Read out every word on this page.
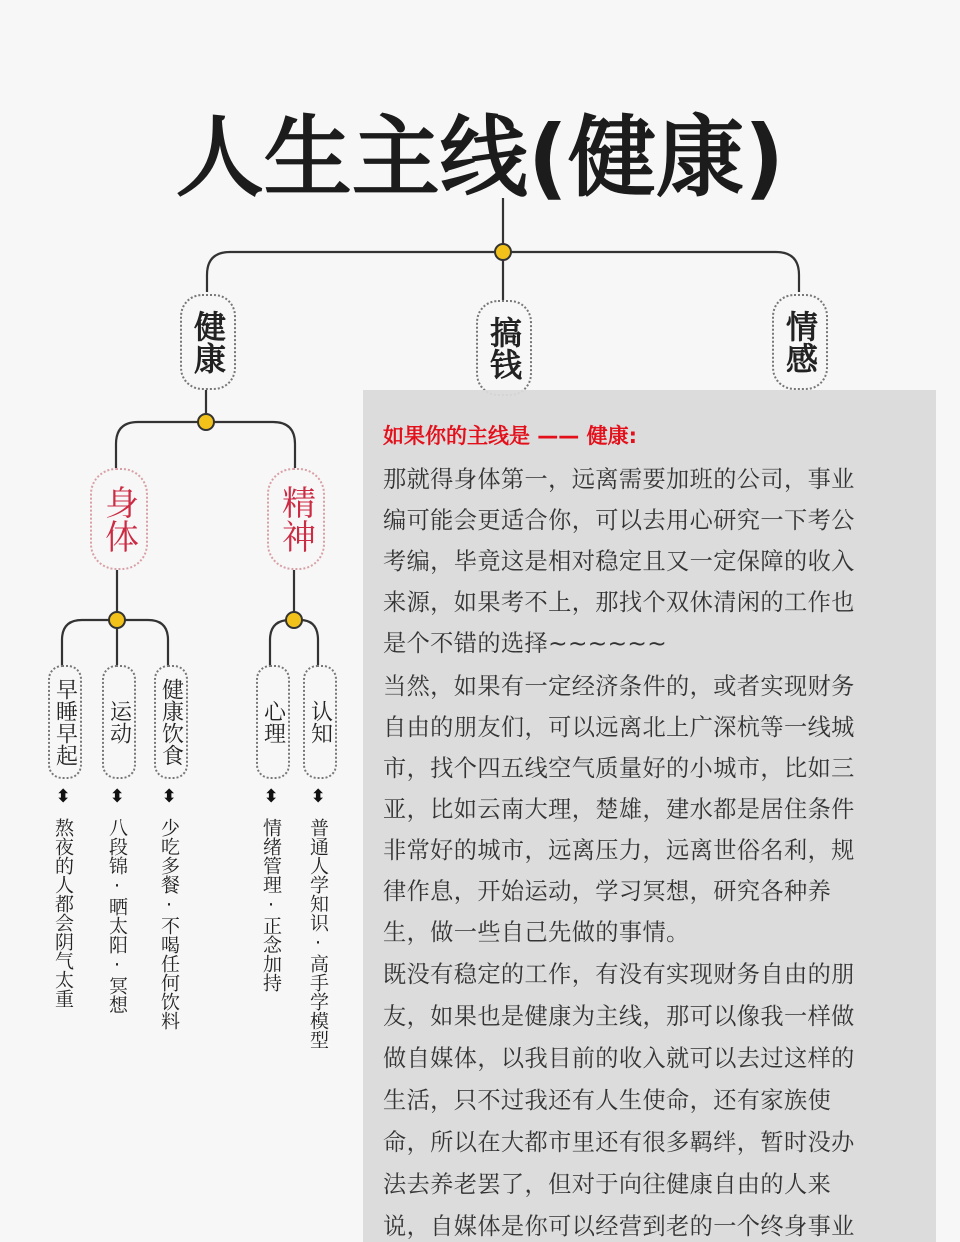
人生主线(健康)
健康	搞钱	情感
身体	精神
早睡早起 运动 健康饮食	心理 认知
⬍ ⬍ ⬍	⬍ ⬍
熬夜的人都会阴气太重 八段锦·晒太阳·冥想 少吃多餐·不喝任何饮料	情绪管理·正念加持 普通人学知识·高手学模型
如果你的主线是 —— 健康:
那就得身体第一，远离需要加班的公司，事业
编可能会更适合你，可以去用心研究一下考公
考编，毕竟这是相对稳定且又一定保障的收入
来源，如果考不上，那找个双休清闲的工作也
是个不错的选择~~~~~~
当然，如果有一定经济条件的，或者实现财务
自由的朋友们，可以远离北上广深杭等一线城
市，找个四五线空气质量好的小城市，比如三
亚，比如云南大理，楚雄，建水都是居住条件
非常好的城市，远离压力，远离世俗名利，规
律作息，开始运动，学习冥想，研究各种养
生，做一些自己先做的事情。
既没有稳定的工作，有没有实现财务自由的朋
友，如果也是健康为主线，那可以像我一样做
做自媒体，以我目前的收入就可以去过这样的
生活，只不过我还有人生使命，还有家族使
命，所以在大都市里还有很多羁绊，暂时没办
法去养老罢了，但对于向往健康自由的人来
说，自媒体是你可以经营到老的一个终身事业
